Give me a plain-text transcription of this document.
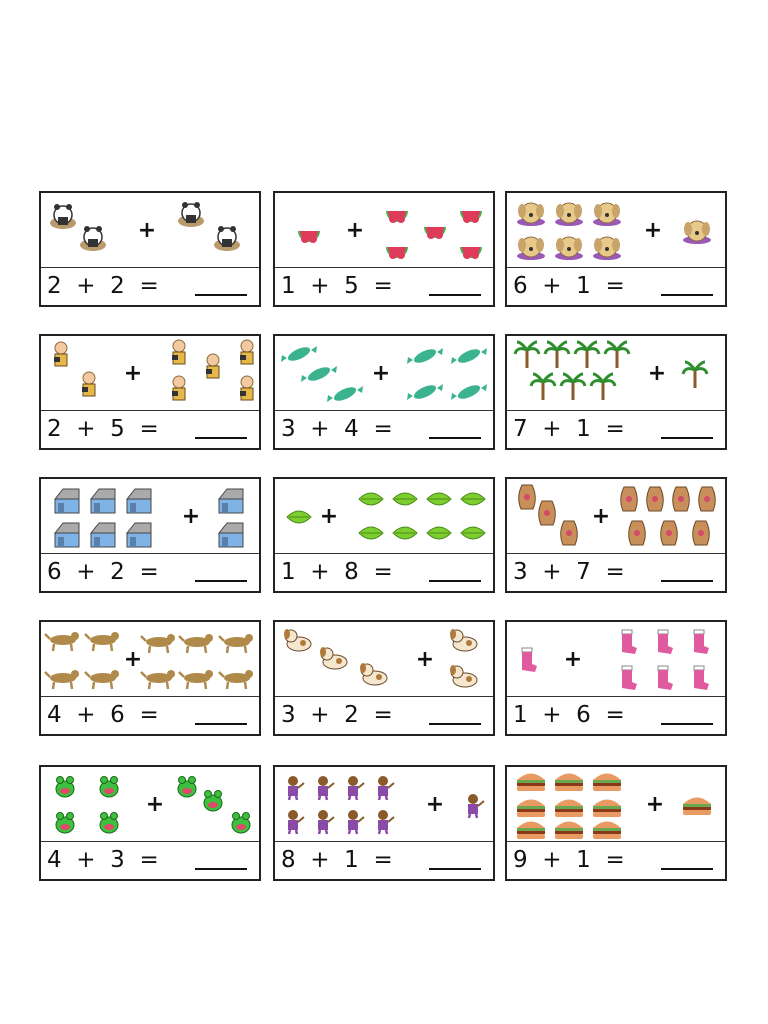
+
2 + 2 =
+
1 + 5 =
+
6 + 1 =
+
2 + 5 =
+
3 + 4 =
+
7 + 1 =
+
6 + 2 =
+
1 + 8 =
+
3 + 7 =
+
4 + 6 =
+
3 + 2 =
+
1 + 6 =
+
4 + 3 =
+
8 + 1 =
+
9 + 1 =
